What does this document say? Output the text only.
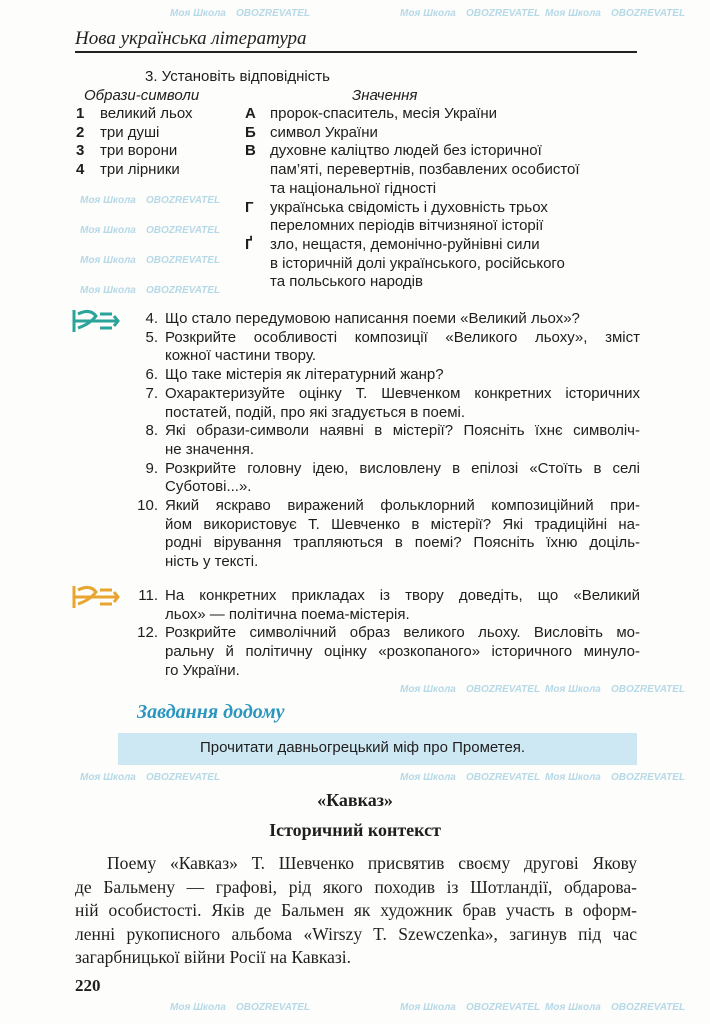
Моя Школа OBOZREVATEL	Моя Школа OBOZREVATEL Моя Школа OBOZREVATEL
Моя Школа OBOZREVATEL
Моя Школа OBOZREVATEL
Моя Школа OBOZREVATEL
Моя Школа OBOZREVATEL
Моя Школа OBOZREVATEL Моя Школа OBOZREVATEL
Моя Школа OBOZREVATEL	Моя Школа OBOZREVATEL Моя Школа OBOZREVATEL
Моя Школа OBOZREVATEL	Моя Школа OBOZREVATEL Моя Школа OBOZREVATEL
Нова українська література
3. Установіть відповідність
Образи-символи	Значення
1 великий льох
2 три душі
3 три ворони
4 три лірники
А пророк-спаситель, месія України
Б символ України
В духовне каліцтво людей без історичної
пам’яті, перевертнів, позбавлених особистої
та національної гідності
Г українська свідомість і духовність трьох
переломних періодів вітчизняної історії
Ґ зло, нещастя, демонічно-руйнівні сили
в історичній долі українського, російського
та польського народів
4. Що стало передумовою написання поеми «Великий льох»?
5. Розкрийте особливості композиції «Великого льоху», зміст
кожної частини твору.
6. Що таке містерія як літературний жанр?
7. Охарактеризуйте оцінку Т. Шевченком конкретних історичних
постатей, подій, про які згадується в поемі.
8. Які образи-символи наявні в містерії? Поясніть їхнє символіч-
не значення.
9. Розкрийте головну ідею, висловлену в епілозі «Стоїть в селі
Суботові...».
10. Який яскраво виражений фольклорний композиційний при-
йом використовує Т. Шевченко в містерії? Які традиційні на-
родні вірування трапляються в поемі? Поясніть їхню доціль-
ність у тексті.
11. На конкретних прикладах із твору доведіть, що «Великий
льох» — політична поема-містерія.
12. Розкрийте символічний образ великого льоху. Висловіть мо-
ральну й політичну оцінку «розкопаного» історичного минуло-
го України.
Завдання додому
Прочитати давньогрецький міф про Прометея.
«Кавказ»
Історичний контекст
Поему «Кавказ» Т. Шевченко присвятив своєму другові Якову
де Бальмену — графові, рід якого походив із Шотландії, обдарова-
ній особистості. Яків де Бальмен як художник брав участь в оформ-
ленні рукописного альбома «Wirszy T. Szewczenka», загинув під час
загарбницької війни Росії на Кавказі.
220
